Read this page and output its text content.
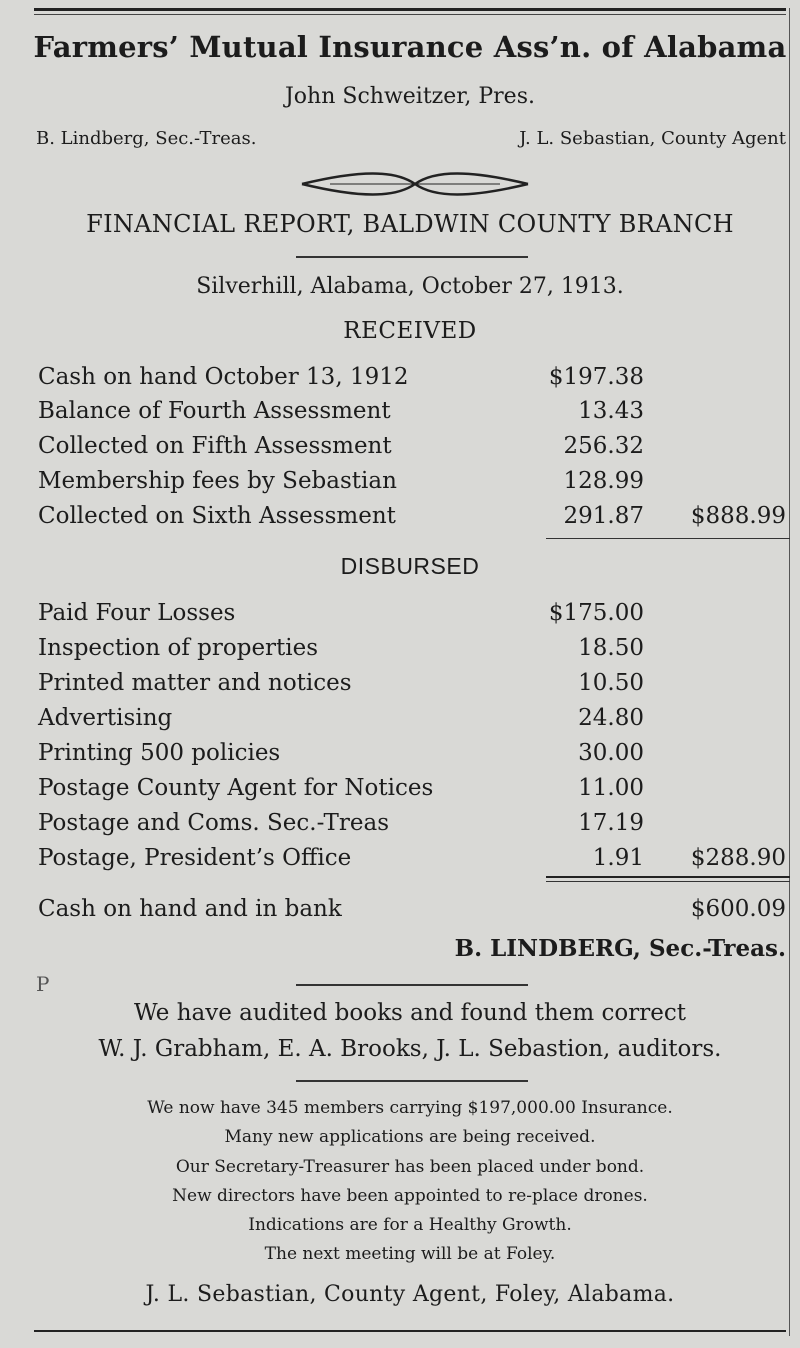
Farmers’ Mutual Insurance Ass’n. of Alabama
John Schweitzer, Pres.
B. Lindberg, Sec.-Treas.	J. L. Sebastian, County Agent
FINANCIAL REPORT, BALDWIN COUNTY BRANCH
Silverhill, Alabama, October 27, 1913.
RECEIVED
Cash on hand October 13, 1912	$197.38
Balance of Fourth Assessment	13.43
Collected on Fifth Assessment	256.32
Membership fees by Sebastian	128.99
Collected on Sixth Assessment	291.87 $888.99
DISBURSED
Paid Four Losses	$175.00
Inspection of properties	18.50
Printed matter and notices	10.50
Advertising	24.80
Printing 500 policies	30.00
Postage County Agent for Notices	11.00
Postage and Coms. Sec.-Treas	17.19
Postage, President’s Office	1.91 $288.90
Cash on hand and in bank	$600.09
B. LINDBERG, Sec.-Treas.
P
We have audited books and found them correct
W. J. Grabham, E. A. Brooks, J. L. Sebastion, auditors.
We now have 345 members carrying $197,000.00 Insurance.
Many new applications are being received.
Our Secretary-Treasurer has been placed under bond.
New directors have been appointed to re-place drones.
Indications are for a Healthy Growth.
The next meeting will be at Foley.
J. L. Sebastian, County Agent, Foley, Alabama.
